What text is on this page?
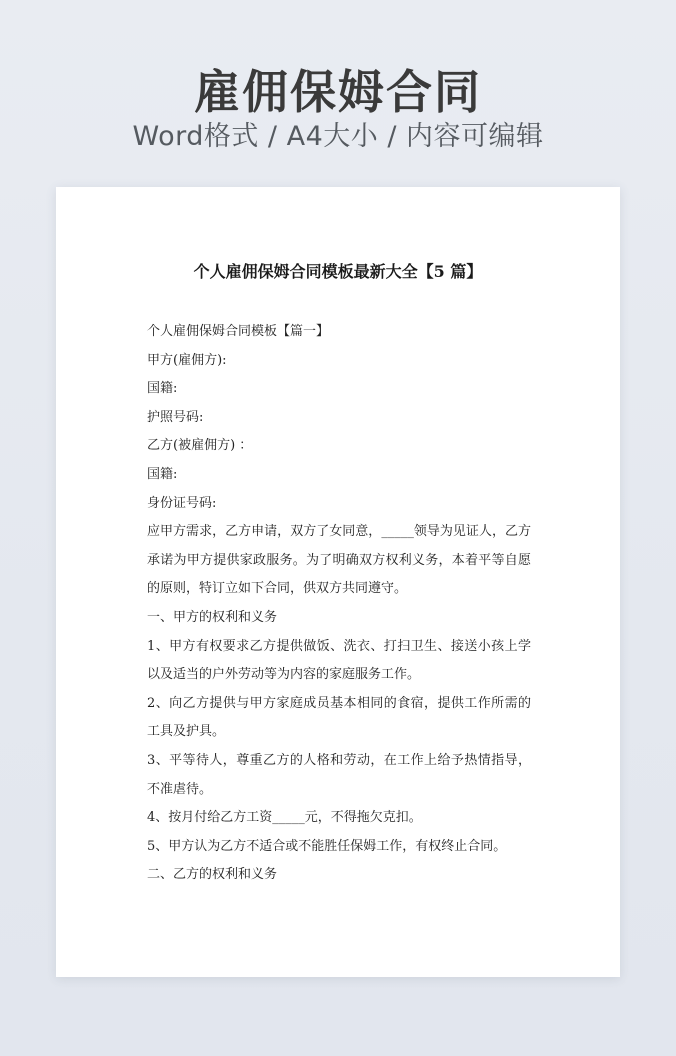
雇佣保姆合同
Word格式 / A4大小 / 内容可编辑
个人雇佣保姆合同模板最新大全【5 篇】

个人雇佣保姆合同模板【篇一】

甲方(雇佣方):

国籍:

护照号码:

乙方(被雇佣方) ：

国籍:

身份证号码:

应甲方需求，乙方申请，双方了女同意，_____领导为见证人，乙方承诺为甲方提供家政服务。为了明确双方权利义务，本着平等自愿的原则，特订立如下合同，供双方共同遵守。

一、甲方的权利和义务

1、甲方有权要求乙方提供做饭、洗衣、打扫卫生、接送小孩上学以及适当的户外劳动等为内容的家庭服务工作。

2、向乙方提供与甲方家庭成员基本相同的食宿，提供工作所需的工具及护具。

3、平等待人，尊重乙方的人格和劳动，在工作上给予热情指导，不准虐待。

4、按月付给乙方工资_____元，不得拖欠克扣。

5、甲方认为乙方不适合或不能胜任保姆工作，有权终止合同。

二、乙方的权利和义务
